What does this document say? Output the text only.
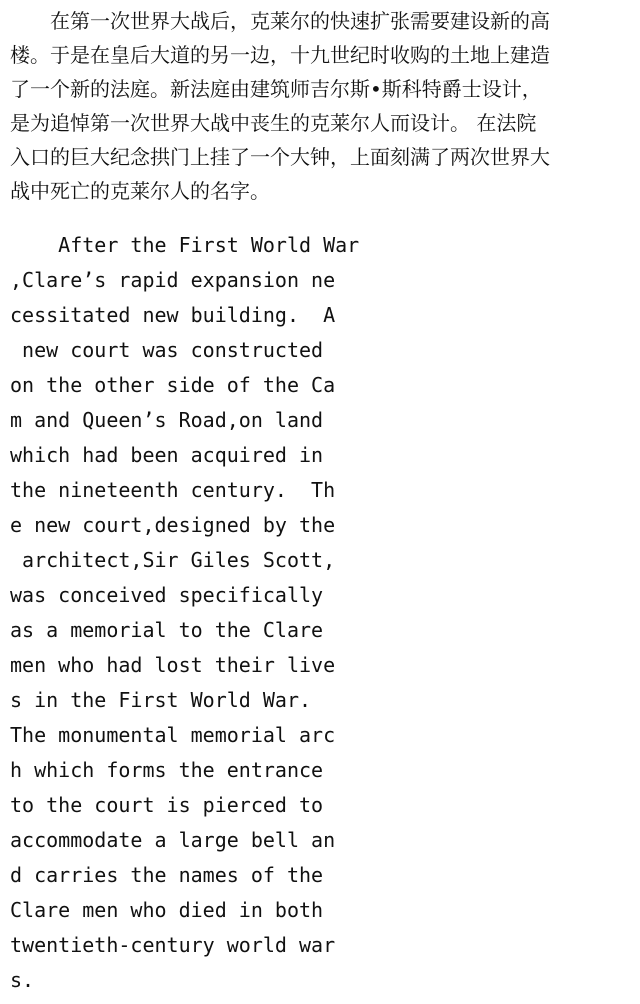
　　在第一次世界大战后，克莱尔的快速扩张需要建设新的高
楼。于是在皇后大道的另一边，十九世纪时收购的土地上建造
了一个新的法庭。新法庭由建筑师吉尔斯•斯科特爵士设计，
是为追悼第一次世界大战中丧生的克莱尔人而设计。 在法院
入口的巨大纪念拱门上挂了一个大钟，上面刻满了两次世界大
战中死亡的克莱尔人的名字。
After the First World War
,Clare’s rapid expansion ne
cessitated new building.  A
new court was constructed
on the other side of the Ca
m and Queen’s Road,on land
which had been acquired in
the nineteenth century.  Th
e new court,designed by the
architect,Sir Giles Scott,
was conceived specifically
as a memorial to the Clare
men who had lost their live
s in the First World War.
The monumental memorial arc
h which forms the entrance
to the court is pierced to
accommodate a large bell an
d carries the names of the
Clare men who died in both
twentieth-century world war
s.
